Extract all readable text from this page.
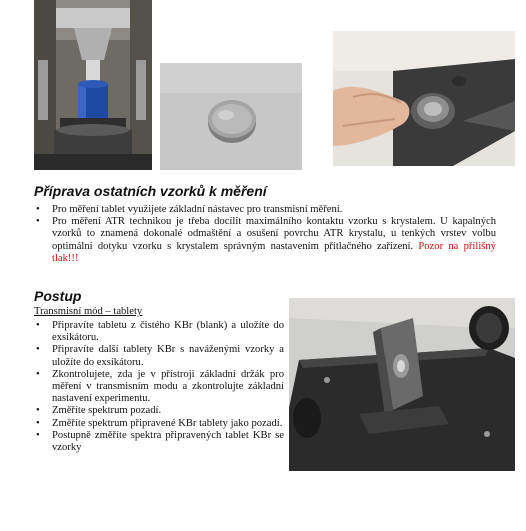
Příprava ostatních vzorků k měření
• Pro měření tablet využijete základní nástavec pro transmisní měření.
• Pro měření ATR technikou je třeba docílit maximálního kontaktu vzorku s krystalem. U kapalných vzorků to znamená dokonalé odmaštění a osušení povrchu ATR krystalu, u tenkých vrstev volbu optimální dotyku vzorku s krystalem správným nastavením přítlačného zařízení. Pozor na přílišný tlak!!!
Postup
Transmisní mód – tablety
• Připravíte tabletu z čistého KBr (blank) a uložíte do exsikátoru.
• Připravíte další tablety KBr s naváženými vzorky a uložíte do exsikátoru.
• Zkontrolujete, zda je v přístroji základní držák pro měření v transmisním modu a zkontrolujte základní nastavení experimentu.
• Změříte spektrum pozadí.
• Změříte spektrum připravené KBr tablety jako pozadí.
• Postupně změříte spektra připravených tablet KBr se vzorky
